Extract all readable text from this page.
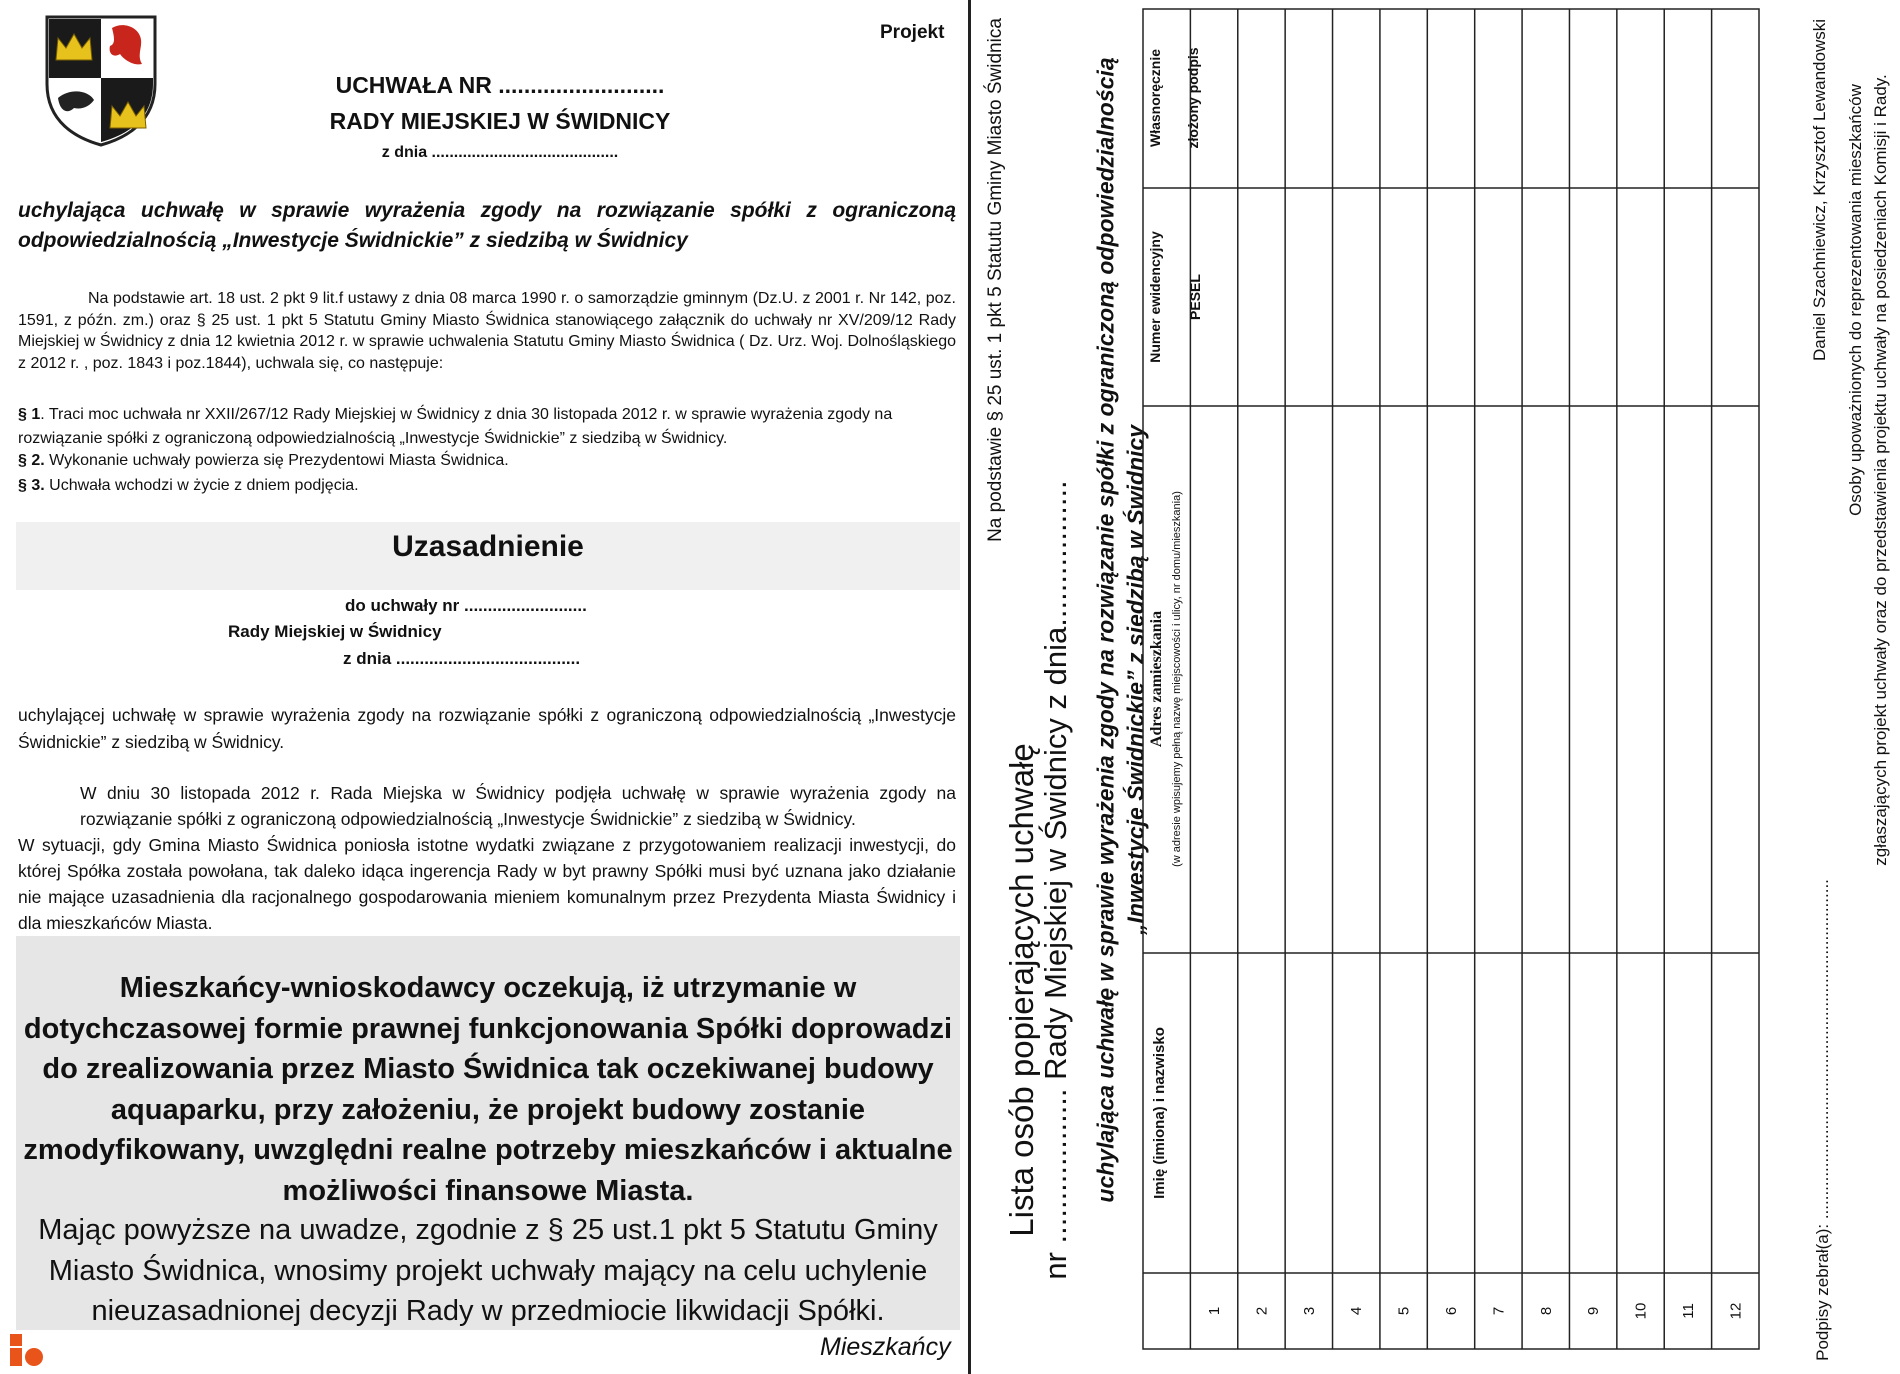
Projekt
UCHWAŁA NR ..........................
RADY MIEJSKIEJ W ŚWIDNICY
z dnia ..........................................
uchylająca uchwałę w sprawie wyrażenia zgody na rozwiązanie spółki z ograniczoną odpowiedzialnością „Inwestycje Świdnickie” z siedzibą w Świdnicy
Na podstawie art. 18 ust. 2 pkt 9 lit.f ustawy z dnia 08 marca 1990 r. o samorządzie gminnym (Dz.U. z 2001 r. Nr 142, poz. 1591, z późn. zm.) oraz § 25 ust. 1 pkt 5 Statutu Gminy Miasto Świdnica stanowiącego załącznik do uchwały nr XV/209/12 Rady Miejskiej w Świdnicy z dnia 12 kwietnia 2012 r. w sprawie uchwalenia Statutu Gminy Miasto Świdnica ( Dz. Urz. Woj. Dolnośląskiego z 2012 r. , poz. 1843 i poz.1844), uchwala się, co następuje:
§ 1. Traci moc uchwała nr XXII/267/12 Rady Miejskiej w Świdnicy z dnia 30 listopada 2012 r. w sprawie wyrażenia zgody na rozwiązanie spółki z ograniczoną odpowiedzialnością „Inwestycje Świdnickie” z siedzibą w Świdnicy.
§ 2. Wykonanie uchwały powierza się Prezydentowi Miasta Świdnica.
§ 3. Uchwała wchodzi w życie z dniem podjęcia.
Uzasadnienie
do uchwały nr ..........................
Rady Miejskiej w Świdnicy
z dnia .......................................
uchylającej uchwałę w sprawie wyrażenia zgody na rozwiązanie spółki z ograniczoną odpowiedzialnością „Inwestycje Świdnickie” z siedzibą w Świdnicy.
W dniu 30 listopada 2012 r. Rada Miejska w Świdnicy podjęła uchwałę w sprawie wyrażenia zgody na rozwiązanie spółki z ograniczoną odpowiedzialnością „Inwestycje Świdnickie” z siedzibą w Świdnicy.
W sytuacji, gdy Gmina Miasto Świdnica poniosła istotne wydatki związane z przygotowaniem realizacji inwestycji, do której Spółka została powołana, tak daleko idąca ingerencja Rady w byt prawny Spółki musi być uznana jako działanie nie mające uzasadnienia dla racjonalnego gospodarowania mieniem komunalnym przez Prezydenta Miasta Świdnicy i dla mieszkańców Miasta.
Mieszkańcy-wnioskodawcy oczekują, iż utrzymanie w dotychczasowej formie prawnej funkcjonowania Spółki doprowadzi do zrealizowania przez Miasto Świdnica tak oczekiwanej budowy aquaparku, przy założeniu, że projekt budowy zostanie zmodyfikowany, uwzględni realne potrzeby mieszkańców i aktualne możliwości finansowe Miasta.
Mając powyższe na uwadze, zgodnie z § 25 ust.1 pkt 5 Statutu Gminy Miasto Świdnica, wnosimy projekt uchwały mający na celu uchylenie nieuzasadnionej decyzji Rady w przedmiocie likwidacji Spółki.
Mieszkańcy
Na podstawie § 25 ust. 1 pkt 5 Statutu Gminy Miasto Świdnica
Lista osób popierających uchwałę
nr .................. Rady Miejskiej w Świdnicy z dnia................. uchylająca uchwałę w sprawie wyrażenia zgody na rozwiązanie spółki z ograniczoną odpowiedzialnością „Inwestycje Świdnickie” z siedzibą w Świdnicy
Imię (imiona) i nazwisko
Adres zamieszkania (w adresie wpisujemy pełną nazwę miejscowości i ulicy, nr domu/mieszkania)
Numer ewidencyjny PESEL
Własnoręcznie złożony podpis
1 2 3 4 5 6 7 8 9 10 11 12
Daniel Szachniewicz, Krzysztof Lewandowski Osoby upoważnionych do reprezentowania mieszkańców zgłaszających projekt uchwały oraz do przedstawienia projektu uchwały na posiedzeniach Komisji i Rady.
Podpisy zebrał(a): ........................................................................
